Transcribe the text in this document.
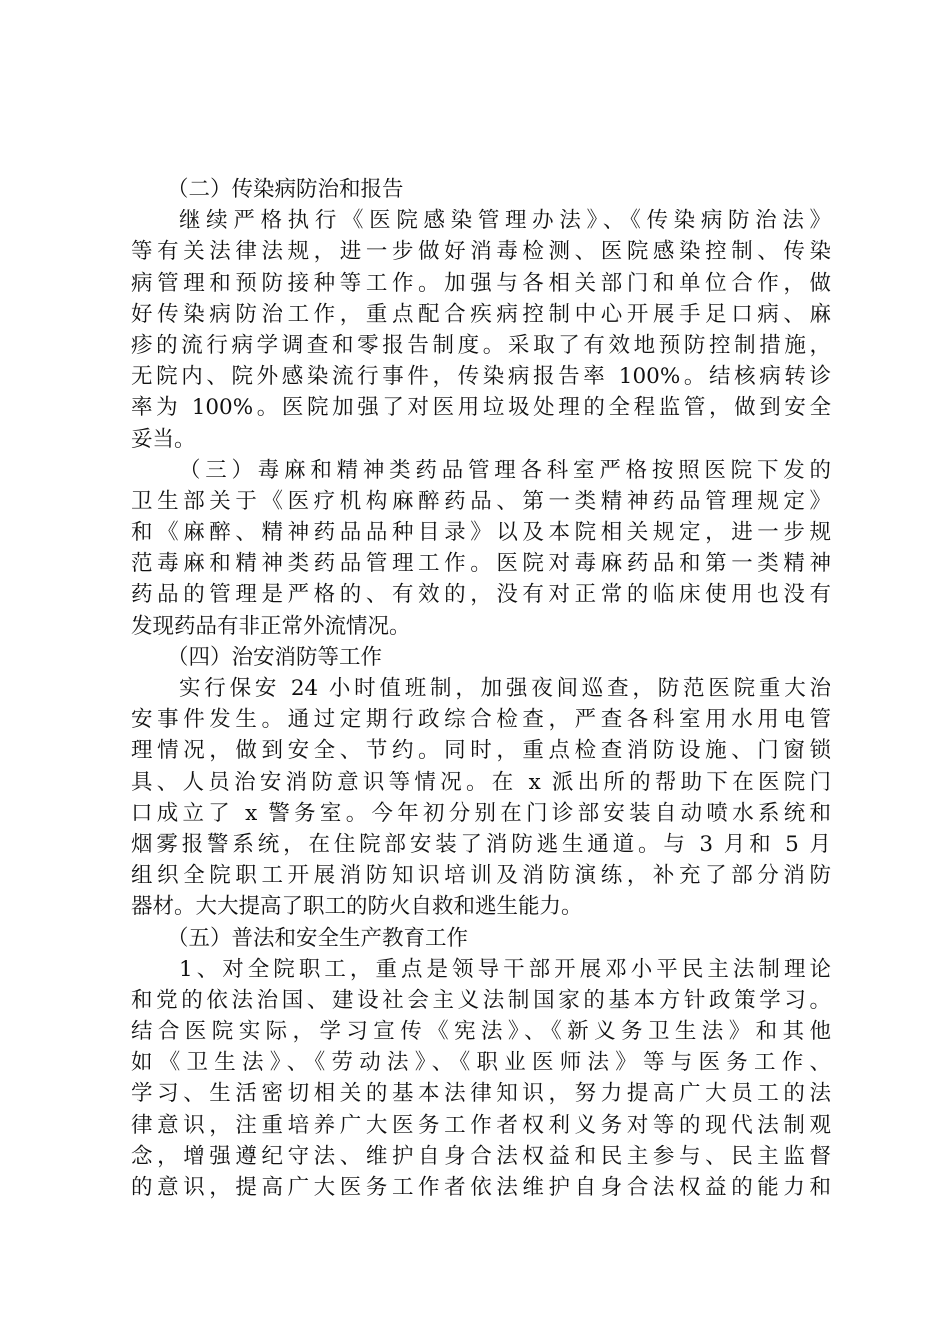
（二）传染病防治和报告
继续严格执行《医院感染管理办法》、《传染病防治法》
等有关法律法规，进一步做好消毒检测、医院感染控制、传染
病管理和预防接种等工作。加强与各相关部门和单位合作，做
好传染病防治工作，重点配合疾病控制中心开展手足口病、麻
疹的流行病学调查和零报告制度。采取了有效地预防控制措施，
无院内、院外感染流行事件，传染病报告率 100%。结核病转诊
率为 100%。医院加强了对医用垃圾处理的全程监管，做到安全
妥当。
（三）毒麻和精神类药品管理各科室严格按照医院下发的
卫生部关于《医疗机构麻醉药品、第一类精神药品管理规定》
和《麻醉、精神药品品种目录》以及本院相关规定，进一步规
范毒麻和精神类药品管理工作。医院对毒麻药品和第一类精神
药品的管理是严格的、有效的，没有对正常的临床使用也没有
发现药品有非正常外流情况。
（四）治安消防等工作
实行保安 24 小时值班制，加强夜间巡查，防范医院重大治
安事件发生。通过定期行政综合检查，严查各科室用水用电管
理情况，做到安全、节约。同时，重点检查消防设施、门窗锁
具、人员治安消防意识等情况。在 x 派出所的帮助下在医院门
口成立了 x 警务室。今年初分别在门诊部安装自动喷水系统和
烟雾报警系统，在住院部安装了消防逃生通道。与 3 月和 5 月
组织全院职工开展消防知识培训及消防演练，补充了部分消防
器材。大大提高了职工的防火自救和逃生能力。
（五）普法和安全生产教育工作
1、对全院职工，重点是领导干部开展邓小平民主法制理论
和党的依法治国、建设社会主义法制国家的基本方针政策学习。
结合医院实际，学习宣传《宪法》、《新义务卫生法》和其他
如《卫生法》、《劳动法》、《职业医师法》等与医务工作、
学习、生活密切相关的基本法律知识，努力提高广大员工的法
律意识，注重培养广大医务工作者权利义务对等的现代法制观
念，增强遵纪守法、维护自身合法权益和民主参与、民主监督
的意识，提高广大医务工作者依法维护自身合法权益的能力和
